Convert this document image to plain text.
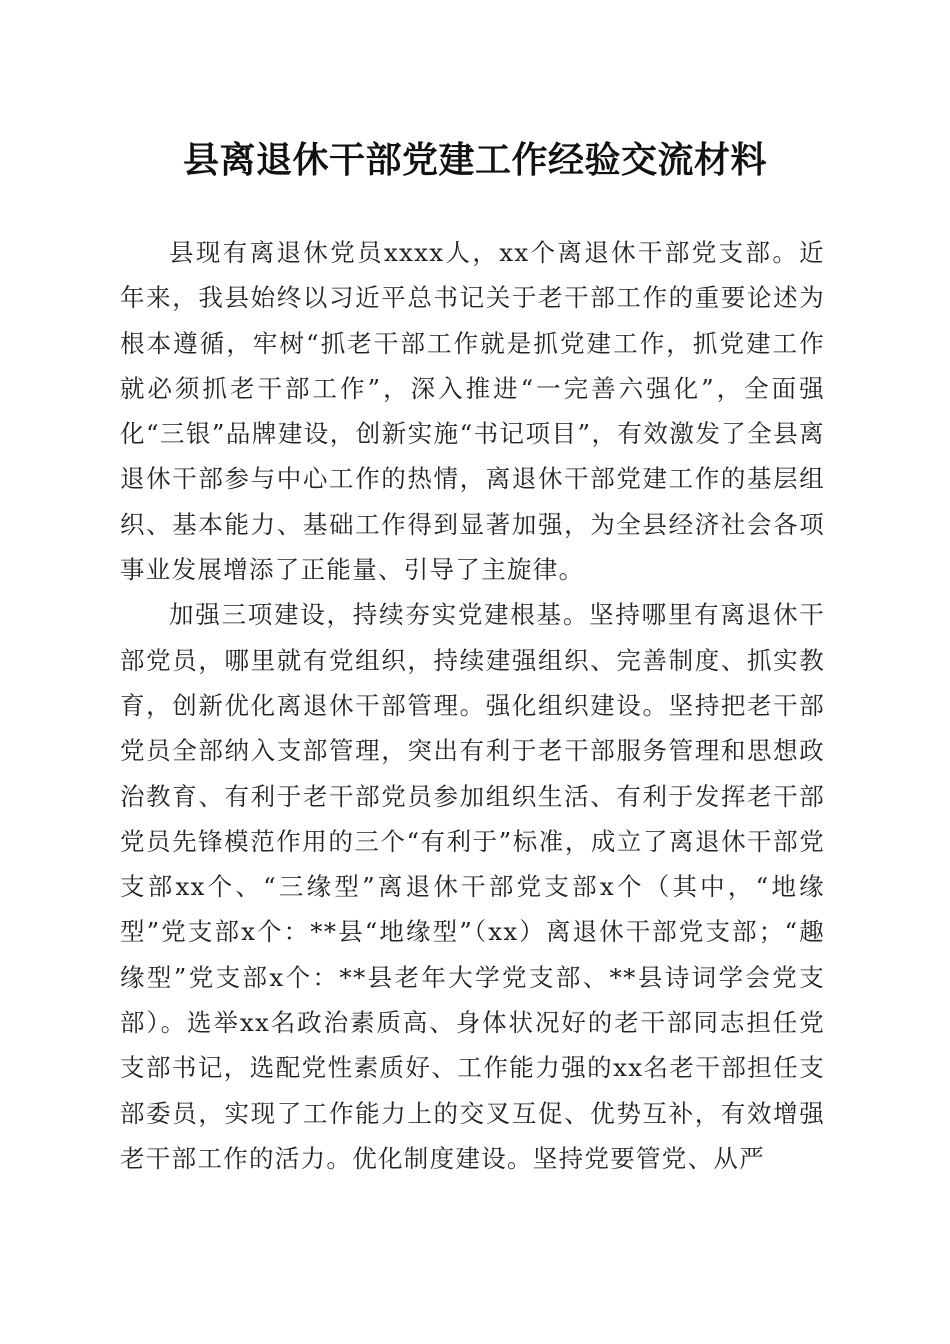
县离退休干部党建工作经验交流材料

县现有离退休党员xxxx人，xx个离退休干部党支部。近年来，我县始终以习近平总书记关于老干部工作的重要论述为根本遵循，牢树“抓老干部工作就是抓党建工作，抓党建工作就必须抓老干部工作”，深入推进“一完善六强化”，全面强化“三银”品牌建设，创新实施“书记项目”，有效激发了全县离退休干部参与中心工作的热情，离退休干部党建工作的基层组织、基本能力、基础工作得到显著加强，为全县经济社会各项事业发展增添了正能量、引导了主旋律。

加强三项建设，持续夯实党建根基。坚持哪里有离退休干部党员，哪里就有党组织，持续建强组织、完善制度、抓实教育，创新优化离退休干部管理。强化组织建设。坚持把老干部党员全部纳入支部管理，突出有利于老干部服务管理和思想政治教育、有利于老干部党员参加组织生活、有利于发挥老干部党员先锋模范作用的三个“有利于”标准，成立了离退休干部党支部xx个、“三缘型”离退休干部党支部x个（其中，“地缘型”党支部x个：**县“地缘型”（xx）离退休干部党支部；“趣缘型”党支部x个：**县老年大学党支部、**县诗词学会党支部）。选举xx名政治素质高、身体状况好的老干部同志担任党支部书记，选配党性素质好、工作能力强的xx名老干部担任支部委员，实现了工作能力上的交叉互促、优势互补，有效增强老干部工作的活力。优化制度建设。坚持党要管党、从严
